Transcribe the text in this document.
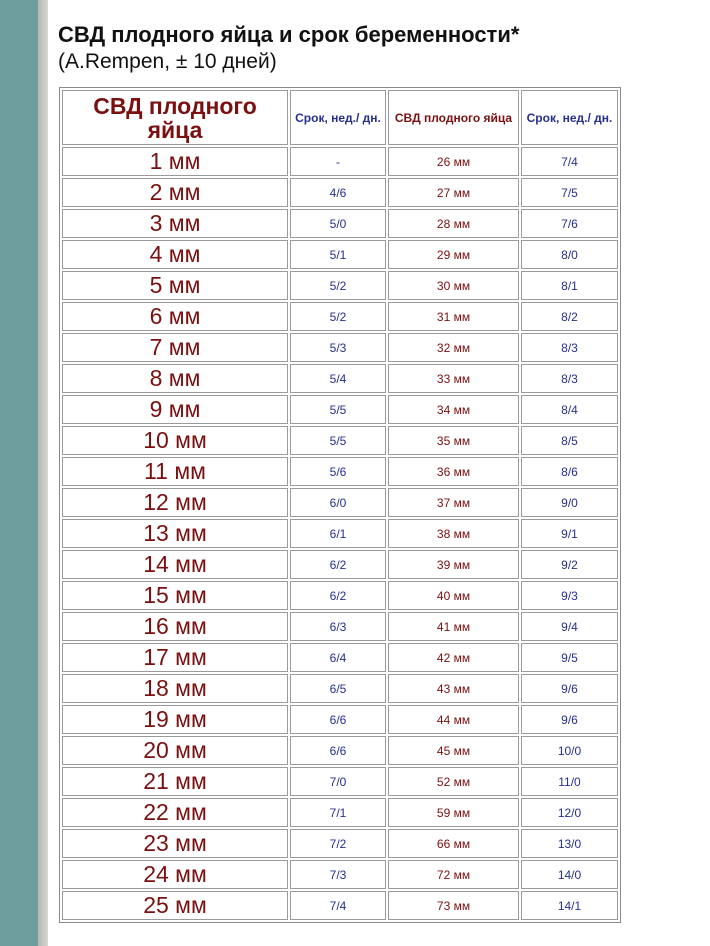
СВД плодного яйца и срок беременности*
(A.Rempen, ± 10 дней)
СВД плодного яйца	Срок, нед./ дн.	СВД плодного яйца	Срок, нед./ дн.
1 мм	-	26 мм	7/4
2 мм	4/6	27 мм	7/5
3 мм	5/0	28 мм	7/6
4 мм	5/1	29 мм	8/0
5 мм	5/2	30 мм	8/1
6 мм	5/2	31 мм	8/2
7 мм	5/3	32 мм	8/3
8 мм	5/4	33 мм	8/3
9 мм	5/5	34 мм	8/4
10 мм	5/5	35 мм	8/5
11 мм	5/6	36 мм	8/6
12 мм	6/0	37 мм	9/0
13 мм	6/1	38 мм	9/1
14 мм	6/2	39 мм	9/2
15 мм	6/2	40 мм	9/3
16 мм	6/3	41 мм	9/4
17 мм	6/4	42 мм	9/5
18 мм	6/5	43 мм	9/6
19 мм	6/6	44 мм	9/6
20 мм	6/6	45 мм	10/0
21 мм	7/0	52 мм	11/0
22 мм	7/1	59 мм	12/0
23 мм	7/2	66 мм	13/0
24 мм	7/3	72 мм	14/0
25 мм	7/4	73 мм	14/1
